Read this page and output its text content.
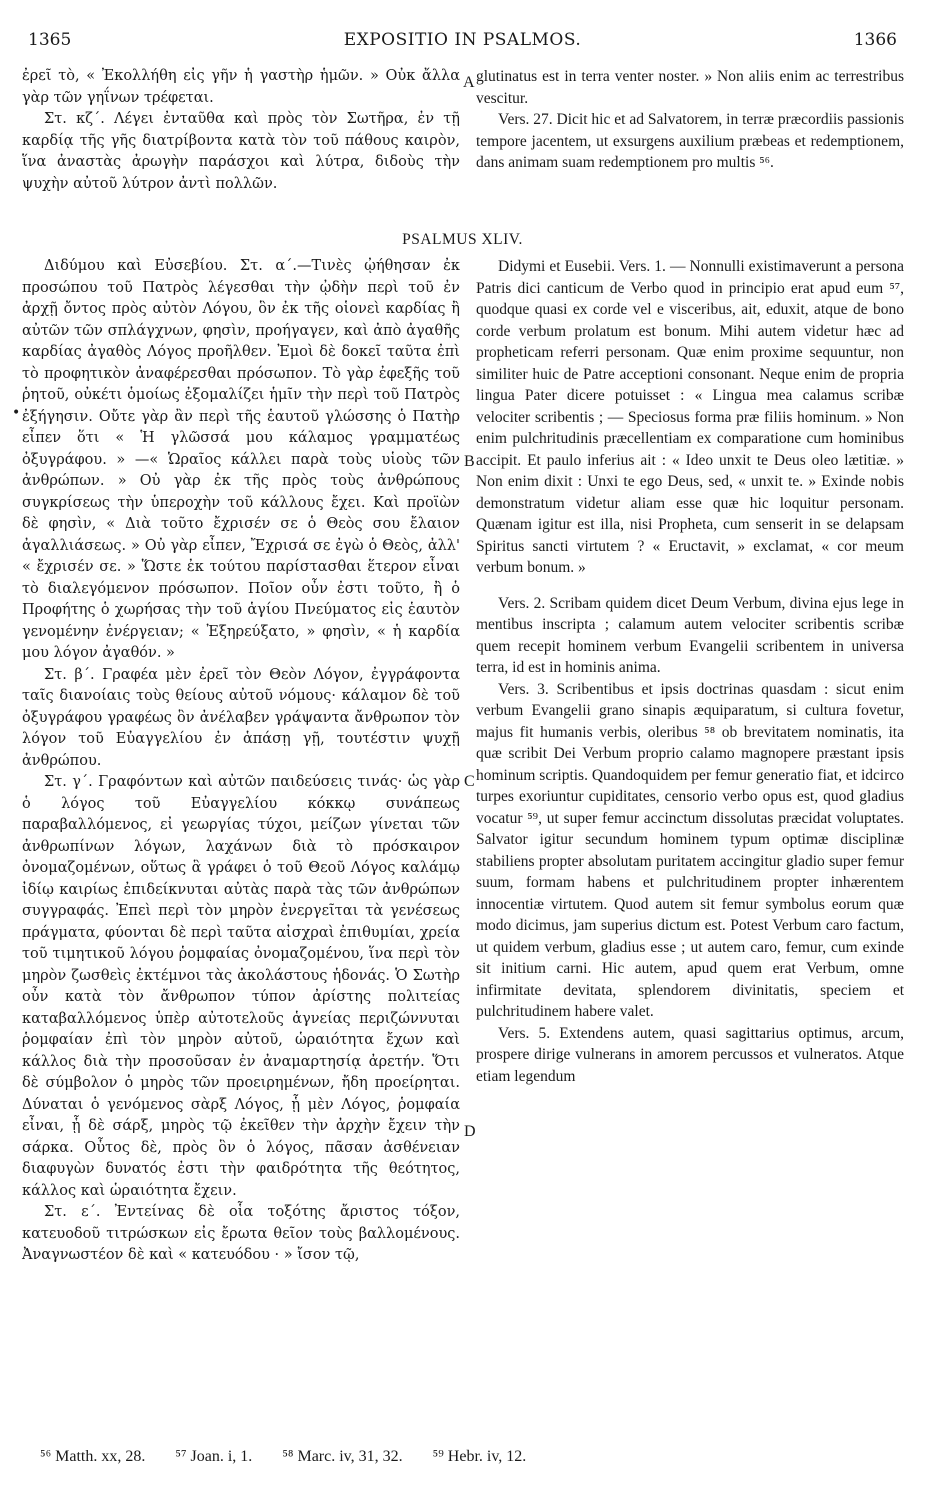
1365	EXPOSITIO IN PSALMOS.	1366

ἐρεῖ τὸ, « Ἐκολλήθη εἰς γῆν ἡ γαστὴρ ἡμῶν. » Οὐκ ἄλλα γὰρ τῶν γηΐνων τρέφεται.

Στ. κζ΄. Λέγει ἐνταῦθα καὶ πρὸς τὸν Σωτῆρα, ἐν τῇ καρδίᾳ τῆς γῆς διατρίβοντα κατὰ τὸν τοῦ πάθους καιρὸν, ἵνα ἀναστὰς ἀρωγὴν παράσχοι καὶ λύτρα, διδοὺς τὴν ψυχὴν αὐτοῦ λύτρον ἀντὶ πολλῶν.

glutinatus est in terra venter noster. » Non aliis enim ac terrestribus vescitur.

Vers. 27. Dicit hic et ad Salvatorem, in terræ præcordiis passionis tempore jacentem, ut exsurgens auxilium præbeas et redemptionem, dans animam suam redemptionem pro multis ⁵⁶.

PSALMUS XLIV.

Διδύμου καὶ Εὐσεβίου. Στ. α΄.—Τινὲς ᾠήθησαν ἐκ προσώπου τοῦ Πατρὸς λέγεσθαι τὴν ᾠδὴν περὶ τοῦ ἐν ἀρχῇ ὄντος πρὸς αὐτὸν Λόγου, ὃν ἐκ τῆς οἱονεὶ καρδίας ἢ αὐτῶν τῶν σπλάγχνων, φησὶν, προήγαγεν, καὶ ἀπὸ ἀγαθῆς καρδίας ἀγαθὸς Λόγος προῆλθεν. Ἐμοὶ δὲ δοκεῖ ταῦτα ἐπὶ τὸ προφητικὸν ἀναφέρεσθαι πρόσωπον. Τὸ γὰρ ἐφεξῆς τοῦ ῥητοῦ, οὐκέτι ὁμοίως ἐξομαλίζει ἡμῖν τὴν περὶ τοῦ Πατρὸς ἐξήγησιν. Οὔτε γὰρ ἂν περὶ τῆς ἑαυτοῦ γλώσσης ὁ Πατὴρ εἶπεν ὅτι « Ἡ γλῶσσά μου κάλαμος γραμματέως ὀξυγράφου. » —« Ὡραῖος κάλλει παρὰ τοὺς υἱοὺς τῶν ἀνθρώπων. » Οὐ γὰρ ἐκ τῆς πρὸς τοὺς ἀνθρώπους συγκρίσεως τὴν ὑπεροχὴν τοῦ κάλλους ἔχει. Καὶ προϊὼν δὲ φησὶν, « Διὰ τοῦτο ἔχρισέν σε ὁ Θεὸς σου ἔλαιον ἀγαλλιάσεως. » Οὐ γὰρ εἶπεν, Ἔχρισά σε ἐγὼ ὁ Θεὸς, ἀλλ' « ἔχρισέν σε. » Ὥστε ἐκ τούτου παρίστασθαι ἕτερον εἶναι τὸ διαλεγόμενον πρόσωπον. Ποῖον οὖν ἐστι τοῦτο, ἢ ὁ Προφήτης ὁ χωρήσας τὴν τοῦ ἁγίου Πνεύματος εἰς ἑαυτὸν γενομένην ἐνέργειαν; « Ἐξηρεύξατο, » φησὶν, « ἡ καρδία μου λόγον ἀγαθόν. »

Στ. β΄. Γραφέα μὲν ἐρεῖ τὸν Θεὸν Λόγον, ἐγγράφοντα ταῖς διανοίαις τοὺς θείους αὐτοῦ νόμους· κάλαμον δὲ τοῦ ὀξυγράφου γραφέως ὃν ἀνέλαβεν γράψαντα ἄνθρωπον τὸν λόγον τοῦ Εὐαγγελίου ἐν ἁπάσῃ γῇ, τουτέστιν ψυχῇ ἀνθρώπου.

Στ. γ΄. Γραφόντων καὶ αὐτῶν παιδεύσεις τινάς· ὡς γὰρ ὁ λόγος τοῦ Εὐαγγελίου κόκκῳ συνάπεως παραβαλλόμενος, εἰ γεωργίας τύχοι, μείζων γίνεται τῶν ἀνθρωπίνων λόγων, λαχάνων διὰ τὸ πρόσκαιρον ὀνομαζομένων, οὕτως ἃ γράφει ὁ τοῦ Θεοῦ Λόγος καλάμῳ ἰδίῳ καιρίως ἐπιδείκνυται αὐτὰς παρὰ τὰς τῶν ἀνθρώπων συγγραφάς. Ἐπεὶ περὶ τὸν μηρὸν ἐνεργεῖται τὰ γενέσεως πράγματα, φύονται δὲ περὶ ταῦτα αἰσχραὶ ἐπιθυμίαι, χρεία τοῦ τιμητικοῦ λόγου ῥομφαίας ὀνομαζομένου, ἵνα περὶ τὸν μηρὸν ζωσθεὶς ἐκτέμνοι τὰς ἀκολάστους ἡδονάς. Ὁ Σωτὴρ οὖν κατὰ τὸν ἄνθρωπον τύπον ἀρίστης πολιτείας καταβαλλόμενος ὑπὲρ αὐτοτελοῦς ἁγνείας περιζώννυται ῥομφαίαν ἐπὶ τὸν μηρὸν αὐτοῦ, ὡραιότητα ἔχων καὶ κάλλος διὰ τὴν προσοῦσαν ἐν ἀναμαρτησίᾳ ἀρετήν. Ὅτι δὲ σύμβολον ὁ μηρὸς τῶν προειρημένων, ἤδη προείρηται. Δύναται ὁ γενόμενος σὰρξ Λόγος, ᾗ μὲν Λόγος, ῥομφαία εἶναι, ᾗ δὲ σάρξ, μηρὸς τῷ ἐκεῖθεν τὴν ἀρχὴν ἔχειν τὴν σάρκα. Οὗτος δὲ, πρὸς ὃν ὁ λόγος, πᾶσαν ἀσθένειαν διαφυγὼν δυνατός ἐστι τὴν φαιδρότητα τῆς θεότητος, κάλλος καὶ ὡραιότητα ἔχειν.

Στ. ε΄. Ἐντείνας δὲ οἷα τοξότης ἄριστος τόξον, κατευοδοῦ τιτρώσκων εἰς ἔρωτα θεῖον τοὺς βαλλομένους. Ἀναγνωστέον δὲ καὶ « κατευόδου · » ἴσον τῷ,

Didymi et Eusebii. Vers. 1. — Nonnulli existimaverunt a persona Patris dici canticum de Verbo quod in principio erat apud eum ⁵⁷, quodque quasi ex corde vel e visceribus, ait, eduxit, atque de bono corde verbum prolatum est bonum. Mihi autem videtur hæc ad propheticam referri personam. Quæ enim proxime sequuntur, non similiter huic de Patre acceptioni consonant. Neque enim de propria lingua Pater dicere potuisset : « Lingua mea calamus scribæ velociter scribentis ; — Speciosus forma præ filiis hominum. » Non enim pulchritudinis præcellentiam ex comparatione cum hominibus accipit. Et paulo inferius ait : « Ideo unxit te Deus oleo lætitiæ. » Non enim dixit : Unxi te ego Deus, sed, « unxit te. » Exinde nobis demonstratum videtur aliam esse quæ hic loquitur personam. Quænam igitur est illa, nisi Propheta, cum senserit in se delapsam Spiritus sancti virtutem ? « Eructavit, » exclamat, « cor meum verbum bonum. »

Vers. 2. Scribam quidem dicet Deum Verbum, divina ejus lege in mentibus inscripta ; calamum autem velociter scribentis scribæ quem recepit hominem verbum Evangelii scribentem in universa terra, id est in hominis anima.

Vers. 3. Scribentibus et ipsis doctrinas quasdam : sicut enim verbum Evangelii grano sinapis æquiparatum, si cultura fovetur, majus fit humanis verbis, oleribus ⁵⁸ ob brevitatem nominatis, ita quæ scribit Dei Verbum proprio calamo magnopere præstant ipsis hominum scriptis. Quandoquidem per femur generatio fiat, et idcirco turpes exoriuntur cupiditates, censorio verbo opus est, quod gladius vocatur ⁵⁹, ut super femur accinctum dissolutas præcidat voluptates. Salvator igitur secundum hominem typum optimæ disciplinæ stabiliens propter absolutam puritatem accingitur gladio super femur suum, formam habens et pulchritudinem propter inhærentem innocentiæ virtutem. Quod autem sit femur symbolus eorum quæ modo dicimus, jam superius dictum est. Potest Verbum caro factum, ut quidem verbum, gladius esse ; ut autem caro, femur, cum exinde sit initium carni. Hic autem, apud quem erat Verbum, omne infirmitate devitata, splendorem divinitatis, speciem et pulchritudinem habere valet.

Vers. 5. Extendens autem, quasi sagittarius optimus, arcum, prospere dirige vulnerans in amorem percussos et vulneratos. Atque etiam legendum

A
B
C
D
•
⁵⁶ Matth. xx, 28. ⁵⁷ Joan. i, 1. ⁵⁸ Marc. iv, 31, 32. ⁵⁹ Hebr. iv, 12.
